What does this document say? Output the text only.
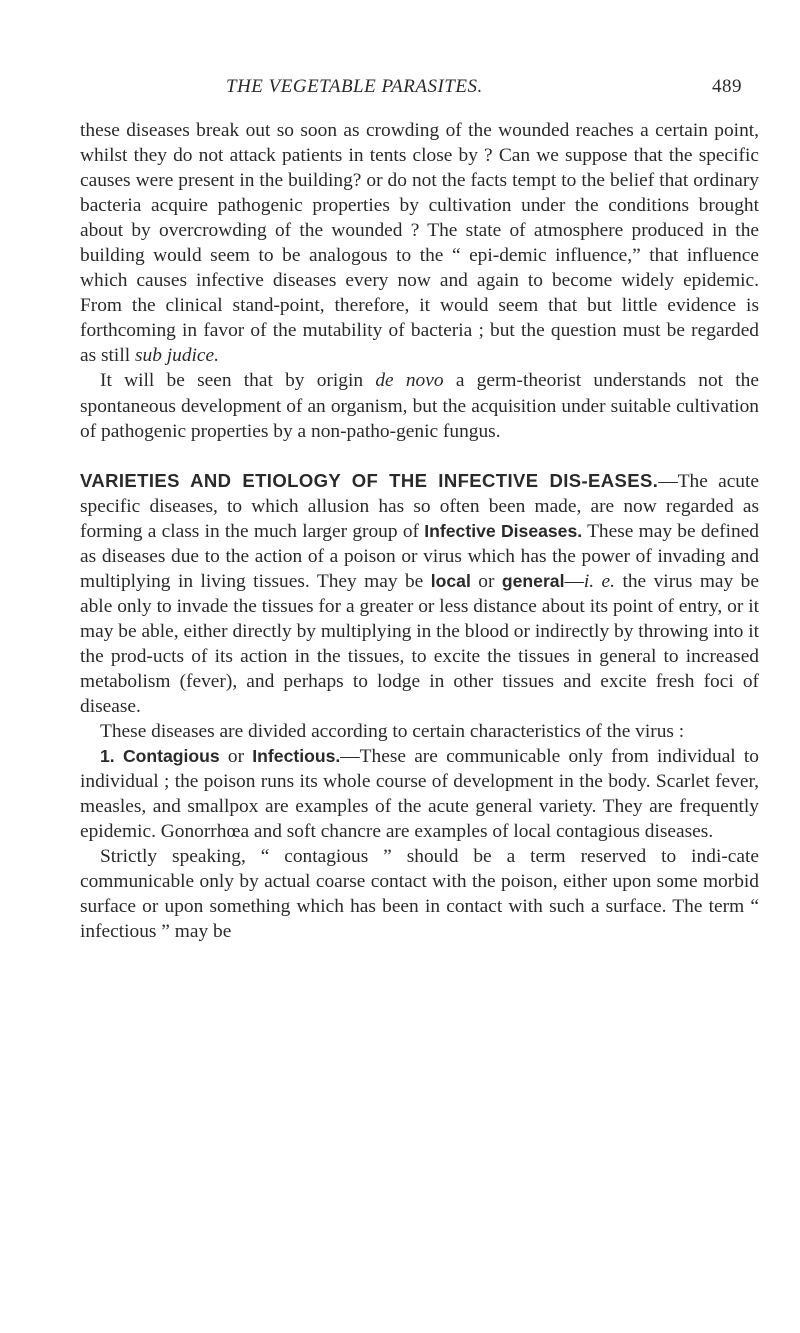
THE VEGETABLE PARASITES.	489

these diseases break out so soon as crowding of the wounded reaches a certain point, whilst they do not attack patients in tents close by ? Can we suppose that the specific causes were present in the building? or do not the facts tempt to the belief that ordinary bacteria acquire pathogenic properties by cultivation under the conditions brought about by overcrowding of the wounded ? The state of atmosphere produced in the building would seem to be analogous to the “ epi-demic influence,” that influence which causes infective diseases every now and again to become widely epidemic. From the clinical stand-point, therefore, it would seem that but little evidence is forthcoming in favor of the mutability of bacteria ; but the question must be regarded as still sub judice.

It will be seen that by origin de novo a germ-theorist understands not the spontaneous development of an organism, but the acquisition under suitable cultivation of pathogenic properties by a non-patho-genic fungus.

VARIETIES AND ETIOLOGY OF THE INFECTIVE DIS-EASES.—The acute specific diseases, to which allusion has so often been made, are now regarded as forming a class in the much larger group of Infective Diseases. These may be defined as diseases due to the action of a poison or virus which has the power of invading and multiplying in living tissues. They may be local or general—i. e. the virus may be able only to invade the tissues for a greater or less distance about its point of entry, or it may be able, either directly by multiplying in the blood or indirectly by throwing into it the prod-ucts of its action in the tissues, to excite the tissues in general to increased metabolism (fever), and perhaps to lodge in other tissues and excite fresh foci of disease.

These diseases are divided according to certain characteristics of the virus :

1. Contagious or Infectious.—These are communicable only from individual to individual ; the poison runs its whole course of development in the body. Scarlet fever, measles, and smallpox are examples of the acute general variety. They are frequently epidemic. Gonorrhœa and soft chancre are examples of local contagious diseases.

Strictly speaking, “ contagious ” should be a term reserved to indi-cate communicable only by actual coarse contact with the poison, either upon some morbid surface or upon something which has been in contact with such a surface. The term “ infectious ” may be
